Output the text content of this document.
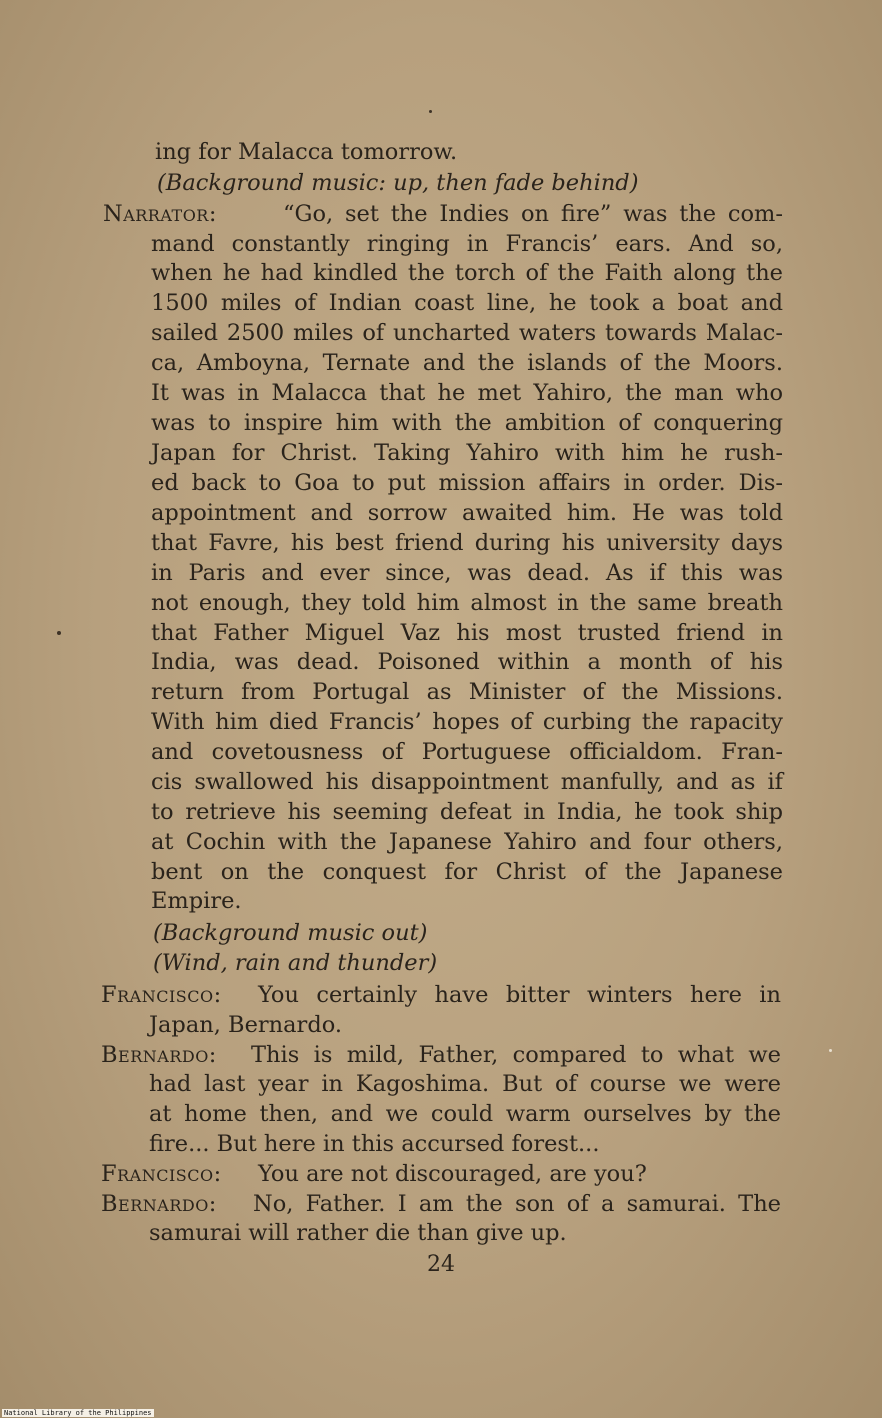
ing for Malacca tomorrow.
(Background music: up, then fade behind)
Narrator:	“Go, set the Indies on fire” was the com-
mand constantly ringing in Francis’ ears. And so,
when he had kindled the torch of the Faith along the
1500 miles of Indian coast line, he took a boat and
sailed 2500 miles of uncharted waters towards Malac-
ca, Amboyna, Ternate and the islands of the Moors.
It was in Malacca that he met Yahiro, the man who
was to inspire him with the ambition of conquering
Japan for Christ. Taking Yahiro with him he rush-
ed back to Goa to put mission affairs in order. Dis-
appointment and sorrow awaited him. He was told
that Favre, his best friend during his university days
in Paris and ever since, was dead. As if this was
not enough, they told him almost in the same breath
that Father Miguel Vaz his most trusted friend in
India, was dead. Poisoned within a month of his
return from Portugal as Minister of the Missions.
With him died Francis’ hopes of curbing the rapacity
and covetousness of Portuguese officialdom. Fran-
cis swallowed his disappointment manfully, and as if
to retrieve his seeming defeat in India, he took ship
at Cochin with the Japanese Yahiro and four others,
bent on the conquest for Christ of the Japanese
Empire.
(Background music out)
(Wind, rain and thunder)
Francisco: You certainly have bitter winters here in
Japan, Bernardo.
Bernardo: This is mild, Father, compared to what we
had last year in Kagoshima. But of course we were
at home then, and we could warm ourselves by the
fire... But here in this accursed forest...
Francisco: You are not discouraged, are you?
Bernardo: No, Father. I am the son of a samurai. The
samurai will rather die than give up.
24
National Library of the Philippines
